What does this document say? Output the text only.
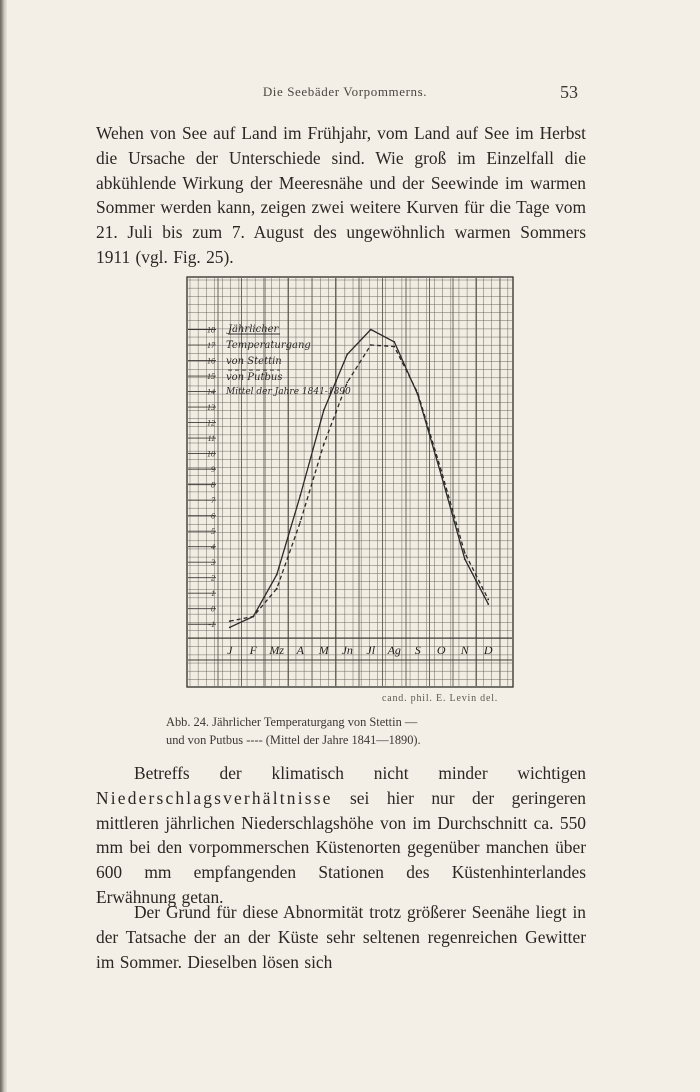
Die Seebäder Vorpommerns.	53

Wehen von See auf Land im Frühjahr, vom Land auf See im Herbst die Ursache der Unterschiede sind. Wie groß im Einzelfall die abkühlende Wirkung der Meeresnähe und der Seewinde im warmen Sommer werden kann, zeigen zwei weitere Kurven für die Tage vom 21. Juli bis zum 7. August des ungewöhnlich warmen Sommers 1911 (vgl. Fig. 25).

Jährlicher
Temperaturgang
von Stettin
von Putbus
Mittel der Jahre 1841-1890
18
17
16
15
14
13
12
11
10
9
8
7
6
5
4
3
2
1
0
-1
J F Mz A M Jn Jl Ag S O N D
cand. phil. E. Levin del.

Abb. 24. Jährlicher Temperaturgang von Stettin —

und von Putbus ---- (Mittel der Jahre 1841—1890).

Betreffs der klimatisch nicht minder wichtigen Niederschlagsverhältnisse sei hier nur der geringeren mittleren jährlichen Niederschlagshöhe von im Durchschnitt ca. 550 mm bei den vorpommerschen Küstenorten gegenüber manchen über 600 mm empfangenden Stationen des Küstenhinterlandes Erwähnung getan.

Der Grund für diese Abnormität trotz größerer Seenähe liegt in der Tatsache der an der Küste sehr seltenen regenreichen Gewitter im Sommer. Dieselben lösen sich
